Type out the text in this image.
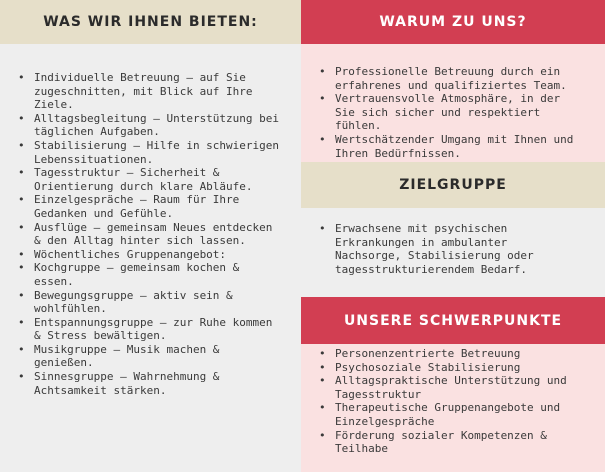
WAS WIR IHNEN BIETEN:
• Individuelle Betreuung – auf Sie zugeschnitten, mit Blick auf Ihre Ziele.
• Alltagsbegleitung – Unterstützung bei täglichen Aufgaben.
• Stabilisierung – Hilfe in schwierigen Lebenssituationen.
• Tagesstruktur – Sicherheit & Orientierung durch klare Abläufe.
• Einzelgespräche – Raum für Ihre Gedanken und Gefühle.
• Ausflüge – gemeinsam Neues entdecken & den Alltag hinter sich lassen.
• Wöchentliches Gruppenangebot:
• Kochgruppe – gemeinsam kochen & essen.
• Bewegungsgruppe – aktiv sein & wohlfühlen.
• Entspannungsgruppe – zur Ruhe kommen & Stress bewältigen.
• Musikgruppe – Musik machen & genießen.
• Sinnesgruppe – Wahrnehmung & Achtsamkeit stärken.
WARUM ZU UNS?
• Professionelle Betreuung durch ein erfahrenes und qualifiziertes Team.
• Vertrauensvolle Atmosphäre, in der Sie sich sicher und respektiert fühlen.
• Wertschätzender Umgang mit Ihnen und Ihren Bedürfnissen.
ZIELGRUPPE
• Erwachsene mit psychischen Erkrankungen in ambulanter Nachsorge, Stabilisierung oder tagesstrukturierendem Bedarf.
UNSERE SCHWERPUNKTE
• Personenzentrierte Betreuung
• Psychosoziale Stabilisierung
• Alltagspraktische Unterstützung und Tagesstruktur
• Therapeutische Gruppenangebote und Einzelgespräche
• Förderung sozialer Kompetenzen & Teilhabe
